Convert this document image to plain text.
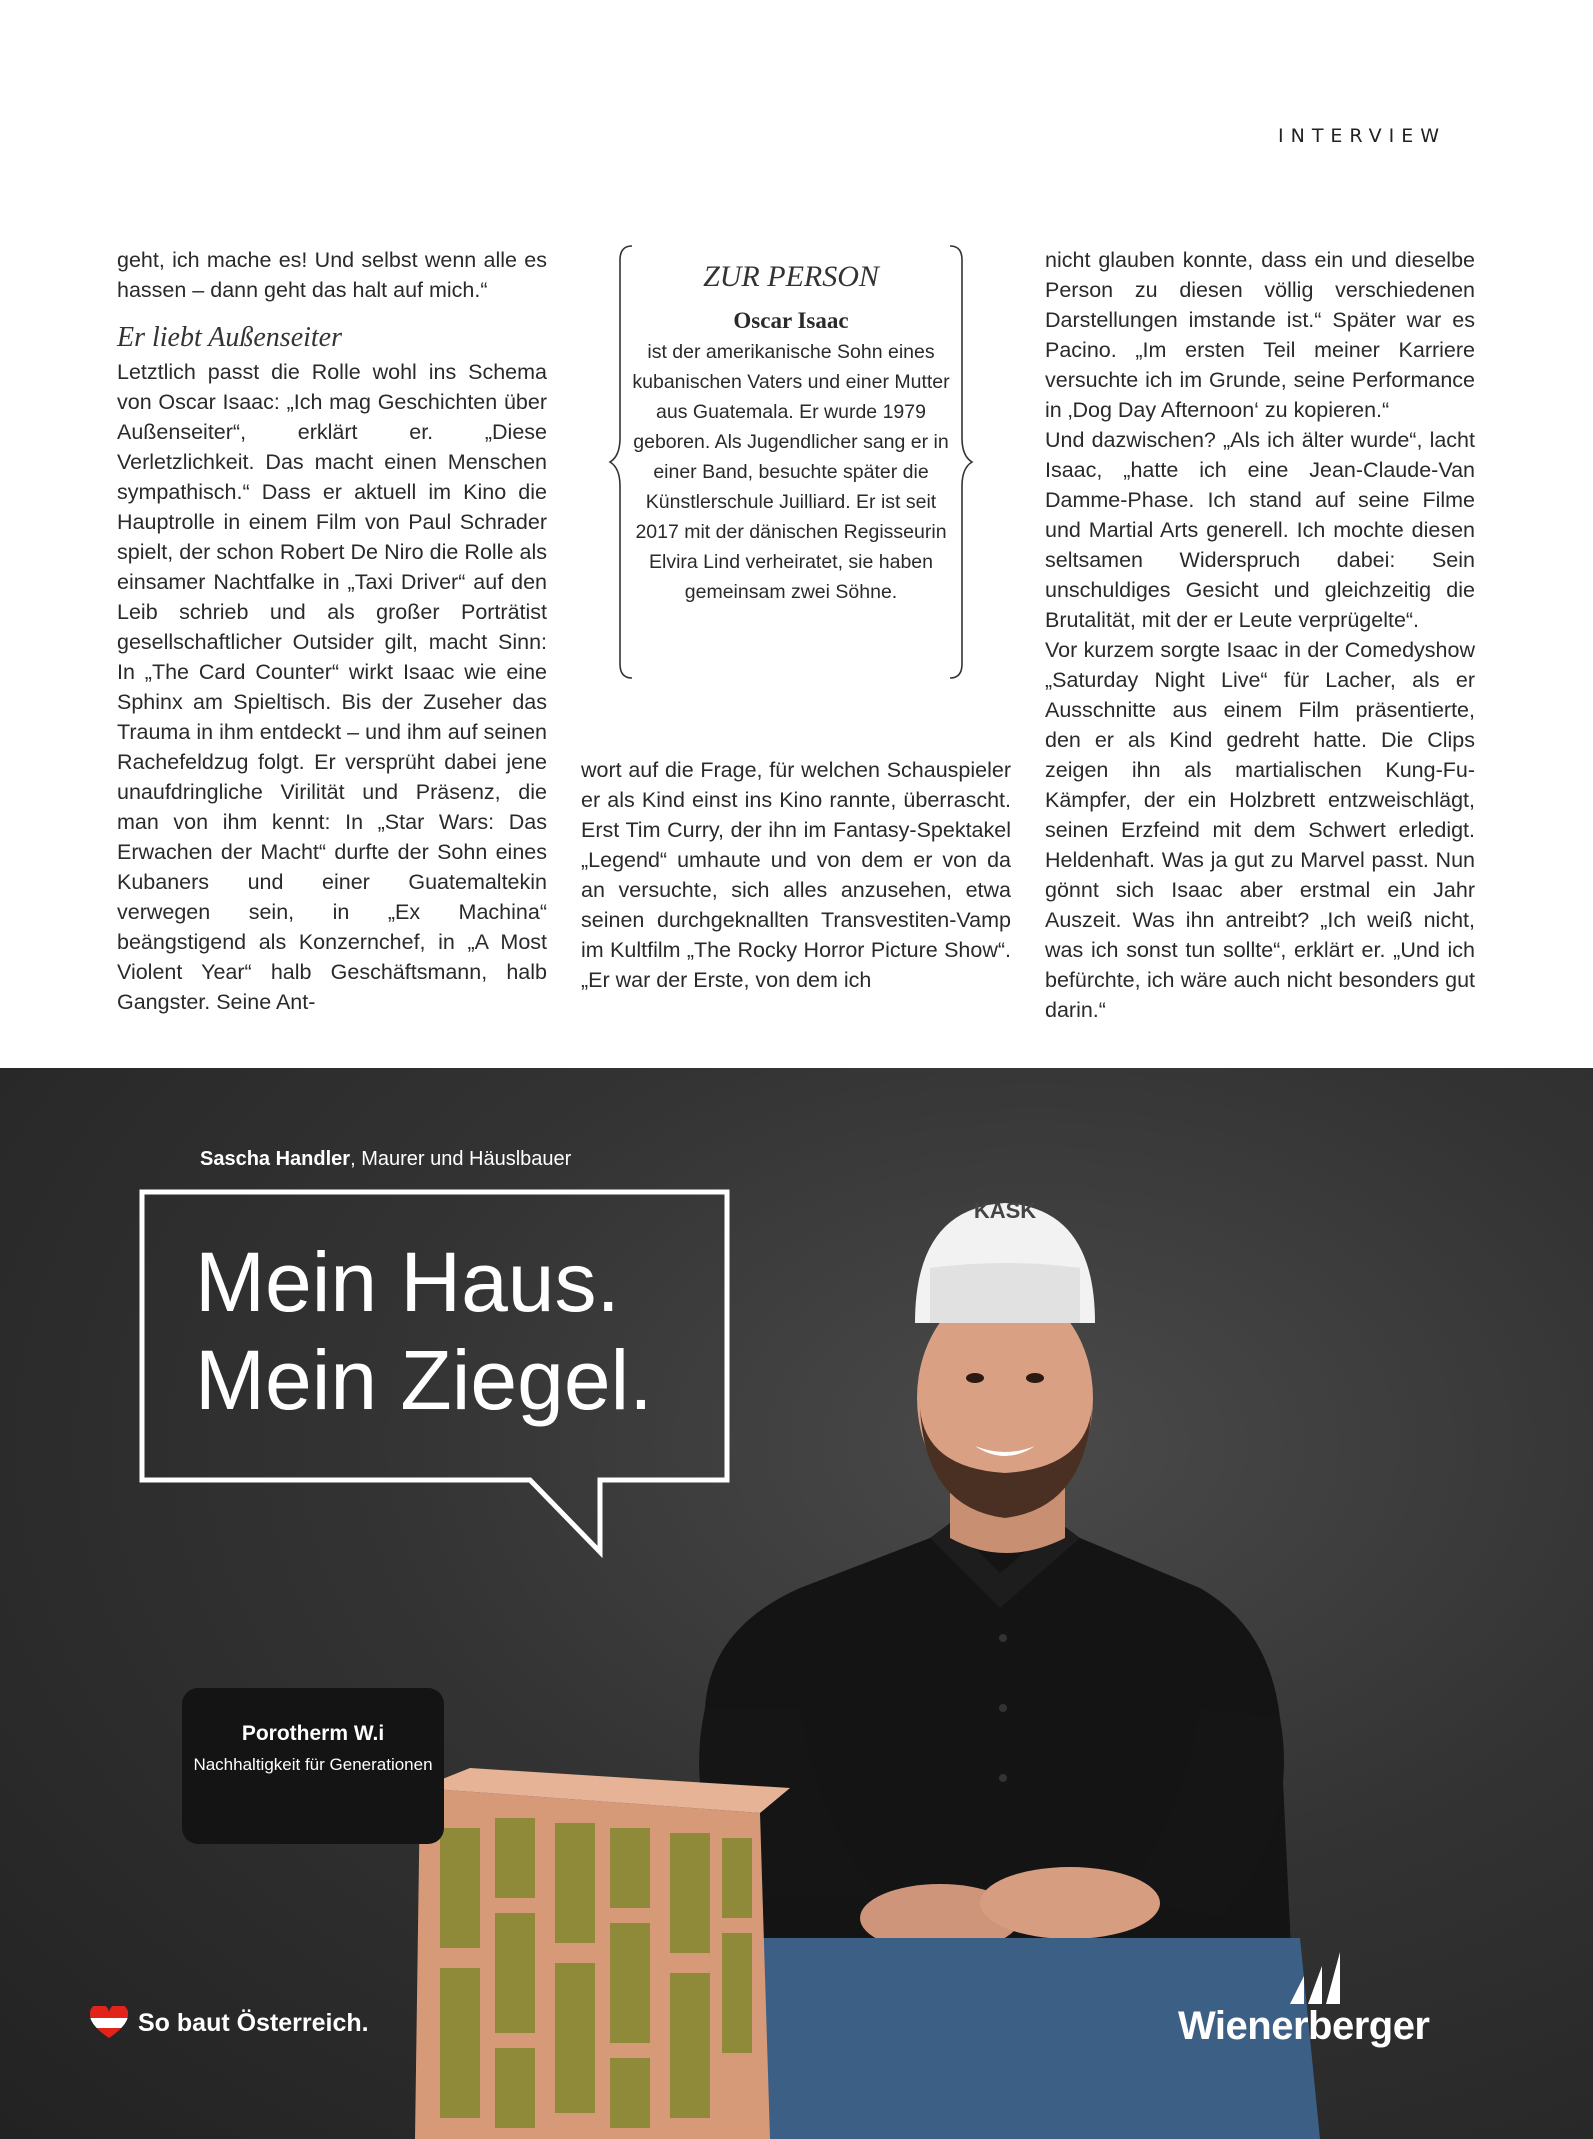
INTERVIEW

geht, ich mache es! Und selbst wenn alle es hassen – dann geht das halt auf mich.“

Er liebt Außenseiter

Letztlich passt die Rolle wohl ins Schema von Oscar Isaac: „Ich mag Geschichten über Außenseiter“, erklärt er. „Diese Verletzlichkeit. Das macht einen Menschen sympathisch.“ Dass er aktuell im Kino die Hauptrolle in einem Film von Paul Schrader spielt, der schon Robert De Niro die Rolle als einsamer Nachtfalke in „Taxi Driver“ auf den Leib schrieb und als großer Porträtist gesellschaftlicher Outsider gilt, macht Sinn: In „The Card Counter“ wirkt Isaac wie eine Sphinx am Spieltisch. Bis der Zuseher das Trauma in ihm entdeckt – und ihm auf seinen Rachefeldzug folgt. Er versprüht dabei jene unaufdringliche Virilität und Präsenz, die man von ihm kennt: In „Star Wars: Das Erwachen der Macht“ durfte der Sohn eines Kubaners und einer Guatemaltekin verwegen sein, in „Ex Machina“ beängstigend als Konzernchef, in „A Most Violent Year“ halb Geschäftsmann, halb Gangster. Seine Ant-

ZUR PERSON
Oscar Isaac
ist der amerikanische Sohn eines kubanischen Vaters und einer Mutter aus Guatemala. Er wurde 1979 geboren. Als Jugendlicher sang er in einer Band, besuchte später die Künstlerschule Juilliard. Er ist seit 2017 mit der dänischen Regisseurin Elvira Lind verheiratet, sie haben gemeinsam zwei Söhne.

wort auf die Frage, für welchen Schauspieler er als Kind einst ins Kino rannte, überrascht. Erst Tim Curry, der ihn im Fantasy-Spektakel „Legend“ umhaute und von dem er von da an versuchte, sich alles anzusehen, etwa seinen durchgeknallten Transvestiten-Vamp im Kultfilm „The Rocky Horror Picture Show“. „Er war der Erste, von dem ich

nicht glauben konnte, dass ein und dieselbe Person zu diesen völlig verschiedenen Darstellungen imstande ist.“ Später war es Pacino. „Im ersten Teil meiner Karriere versuchte ich im Grunde, seine Performance in ‚Dog Day Afternoon‘ zu kopieren.“

Und dazwischen? „Als ich älter wurde“, lacht Isaac, „hatte ich eine Jean-Claude-Van Damme-Phase. Ich stand auf seine Filme und Martial Arts generell. Ich mochte diesen seltsamen Widerspruch dabei: Sein unschuldiges Gesicht und gleichzeitig die Brutalität, mit der er Leute verprügelte“.

Vor kurzem sorgte Isaac in der Comedyshow „Saturday Night Live“ für Lacher, als er Ausschnitte aus einem Film präsentierte, den er als Kind gedreht hatte. Die Clips zeigen ihn als martialischen Kung-Fu-Kämpfer, der ein Holzbrett entzweischlägt, seinen Erzfeind mit dem Schwert erledigt. Heldenhaft. Was ja gut zu Marvel passt. Nun gönnt sich Isaac aber erstmal ein Jahr Auszeit. Was ihn antreibt? „Ich weiß nicht, was ich sonst tun sollte“, erklärt er. „Und ich befürchte, ich wäre auch nicht besonders gut darin.“

KASK
Sascha Handler, Maurer und Häuslbauer
Mein Haus.
Mein Ziegel.
Porotherm W.i
Nachhaltigkeit für Generationen
So baut Österreich.	Wienerberger
